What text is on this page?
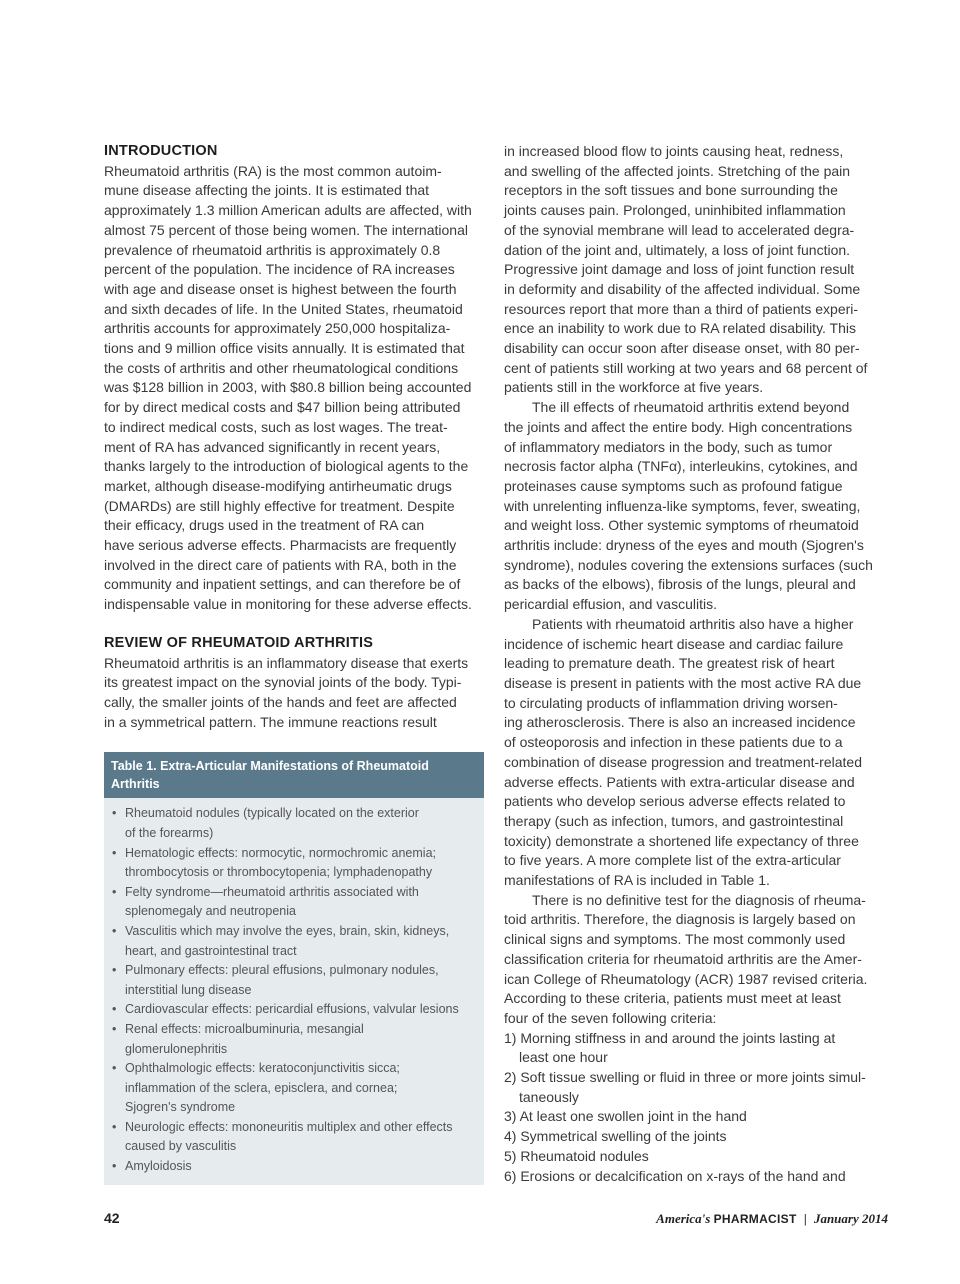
INTRODUCTION

Rheumatoid arthritis (RA) is the most common autoim-
mune disease affecting the joints. It is estimated that
approximately 1.3 million American adults are affected, with
almost 75 percent of those being women. The international
prevalence of rheumatoid arthritis is approximately 0.8
percent of the population. The incidence of RA increases
with age and disease onset is highest between the fourth
and sixth decades of life. In the United States, rheumatoid
arthritis accounts for approximately 250,000 hospitaliza-
tions and 9 million office visits annually. It is estimated that
the costs of arthritis and other rheumatological conditions
was $128 billion in 2003, with $80.8 billion being accounted
for by direct medical costs and $47 billion being attributed
to indirect medical costs, such as lost wages. The treat-
ment of RA has advanced significantly in recent years,
thanks largely to the introduction of biological agents to the
market, although disease-modifying antirheumatic drugs
(DMARDs) are still highly effective for treatment. Despite
their efficacy, drugs used in the treatment of RA can
have serious adverse effects. Pharmacists are frequently
involved in the direct care of patients with RA, both in the
community and inpatient settings, and can therefore be of
indispensable value in monitoring for these adverse effects.

REVIEW OF RHEUMATOID ARTHRITIS

Rheumatoid arthritis is an inflammatory disease that exerts
its greatest impact on the synovial joints of the body. Typi-
cally, the smaller joints of the hands and feet are affected
in a symmetrical pattern. The immune reactions result

Table 1. Extra-Articular Manifestations of Rheumatoid
Arthritis
• Rheumatoid nodules (typically located on the exterior
of the forearms)
• Hematologic effects: normocytic, normochromic anemia;
thrombocytosis or thrombocytopenia; lymphadenopathy
• Felty syndrome—rheumatoid arthritis associated with
splenomegaly and neutropenia
• Vasculitis which may involve the eyes, brain, skin, kidneys,
heart, and gastrointestinal tract
• Pulmonary effects: pleural effusions, pulmonary nodules,
interstitial lung disease
• Cardiovascular effects: pericardial effusions, valvular lesions
• Renal effects: microalbuminuria, mesangial
glomerulonephritis
• Ophthalmologic effects: keratoconjunctivitis sicca;
inflammation of the sclera, episclera, and cornea;
Sjogren's syndrome
• Neurologic effects: mononeuritis multiplex and other effects
caused by vasculitis
• Amyloidosis

in increased blood flow to joints causing heat, redness,
and swelling of the affected joints. Stretching of the pain
receptors in the soft tissues and bone surrounding the
joints causes pain. Prolonged, uninhibited inflammation
of the synovial membrane will lead to accelerated degra-
dation of the joint and, ultimately, a loss of joint function.
Progressive joint damage and loss of joint function result
in deformity and disability of the affected individual. Some
resources report that more than a third of patients experi-
ence an inability to work due to RA related disability. This
disability can occur soon after disease onset, with 80 per-
cent of patients still working at two years and 68 percent of
patients still in the workforce at five years.

The ill effects of rheumatoid arthritis extend beyond
the joints and affect the entire body. High concentrations
of inflammatory mediators in the body, such as tumor
necrosis factor alpha (TNFα), interleukins, cytokines, and
proteinases cause symptoms such as profound fatigue
with unrelenting influenza-like symptoms, fever, sweating,
and weight loss. Other systemic symptoms of rheumatoid
arthritis include: dryness of the eyes and mouth (Sjogren's
syndrome), nodules covering the extensions surfaces (such
as backs of the elbows), fibrosis of the lungs, pleural and
pericardial effusion, and vasculitis.

Patients with rheumatoid arthritis also have a higher
incidence of ischemic heart disease and cardiac failure
leading to premature death. The greatest risk of heart
disease is present in patients with the most active RA due
to circulating products of inflammation driving worsen-
ing atherosclerosis. There is also an increased incidence
of osteoporosis and infection in these patients due to a
combination of disease progression and treatment-related
adverse effects. Patients with extra-articular disease and
patients who develop serious adverse effects related to
therapy (such as infection, tumors, and gastrointestinal
toxicity) demonstrate a shortened life expectancy of three
to five years. A more complete list of the extra-articular
manifestations of RA is included in Table 1.

There is no definitive test for the diagnosis of rheuma-
toid arthritis. Therefore, the diagnosis is largely based on
clinical signs and symptoms. The most commonly used
classification criteria for rheumatoid arthritis are the Amer-
ican College of Rheumatology (ACR) 1987 revised criteria.
According to these criteria, patients must meet at least
four of the seven following criteria:

1) Morning stiffness in and around the joints lasting at
least one hour
2) Soft tissue swelling or fluid in three or more joints simul-
taneously
3) At least one swollen joint in the hand
4) Symmetrical swelling of the joints
5) Rheumatoid nodules
6) Erosions or decalcification on x-rays of the hand and
42	America's PHARMACIST | January 2014
